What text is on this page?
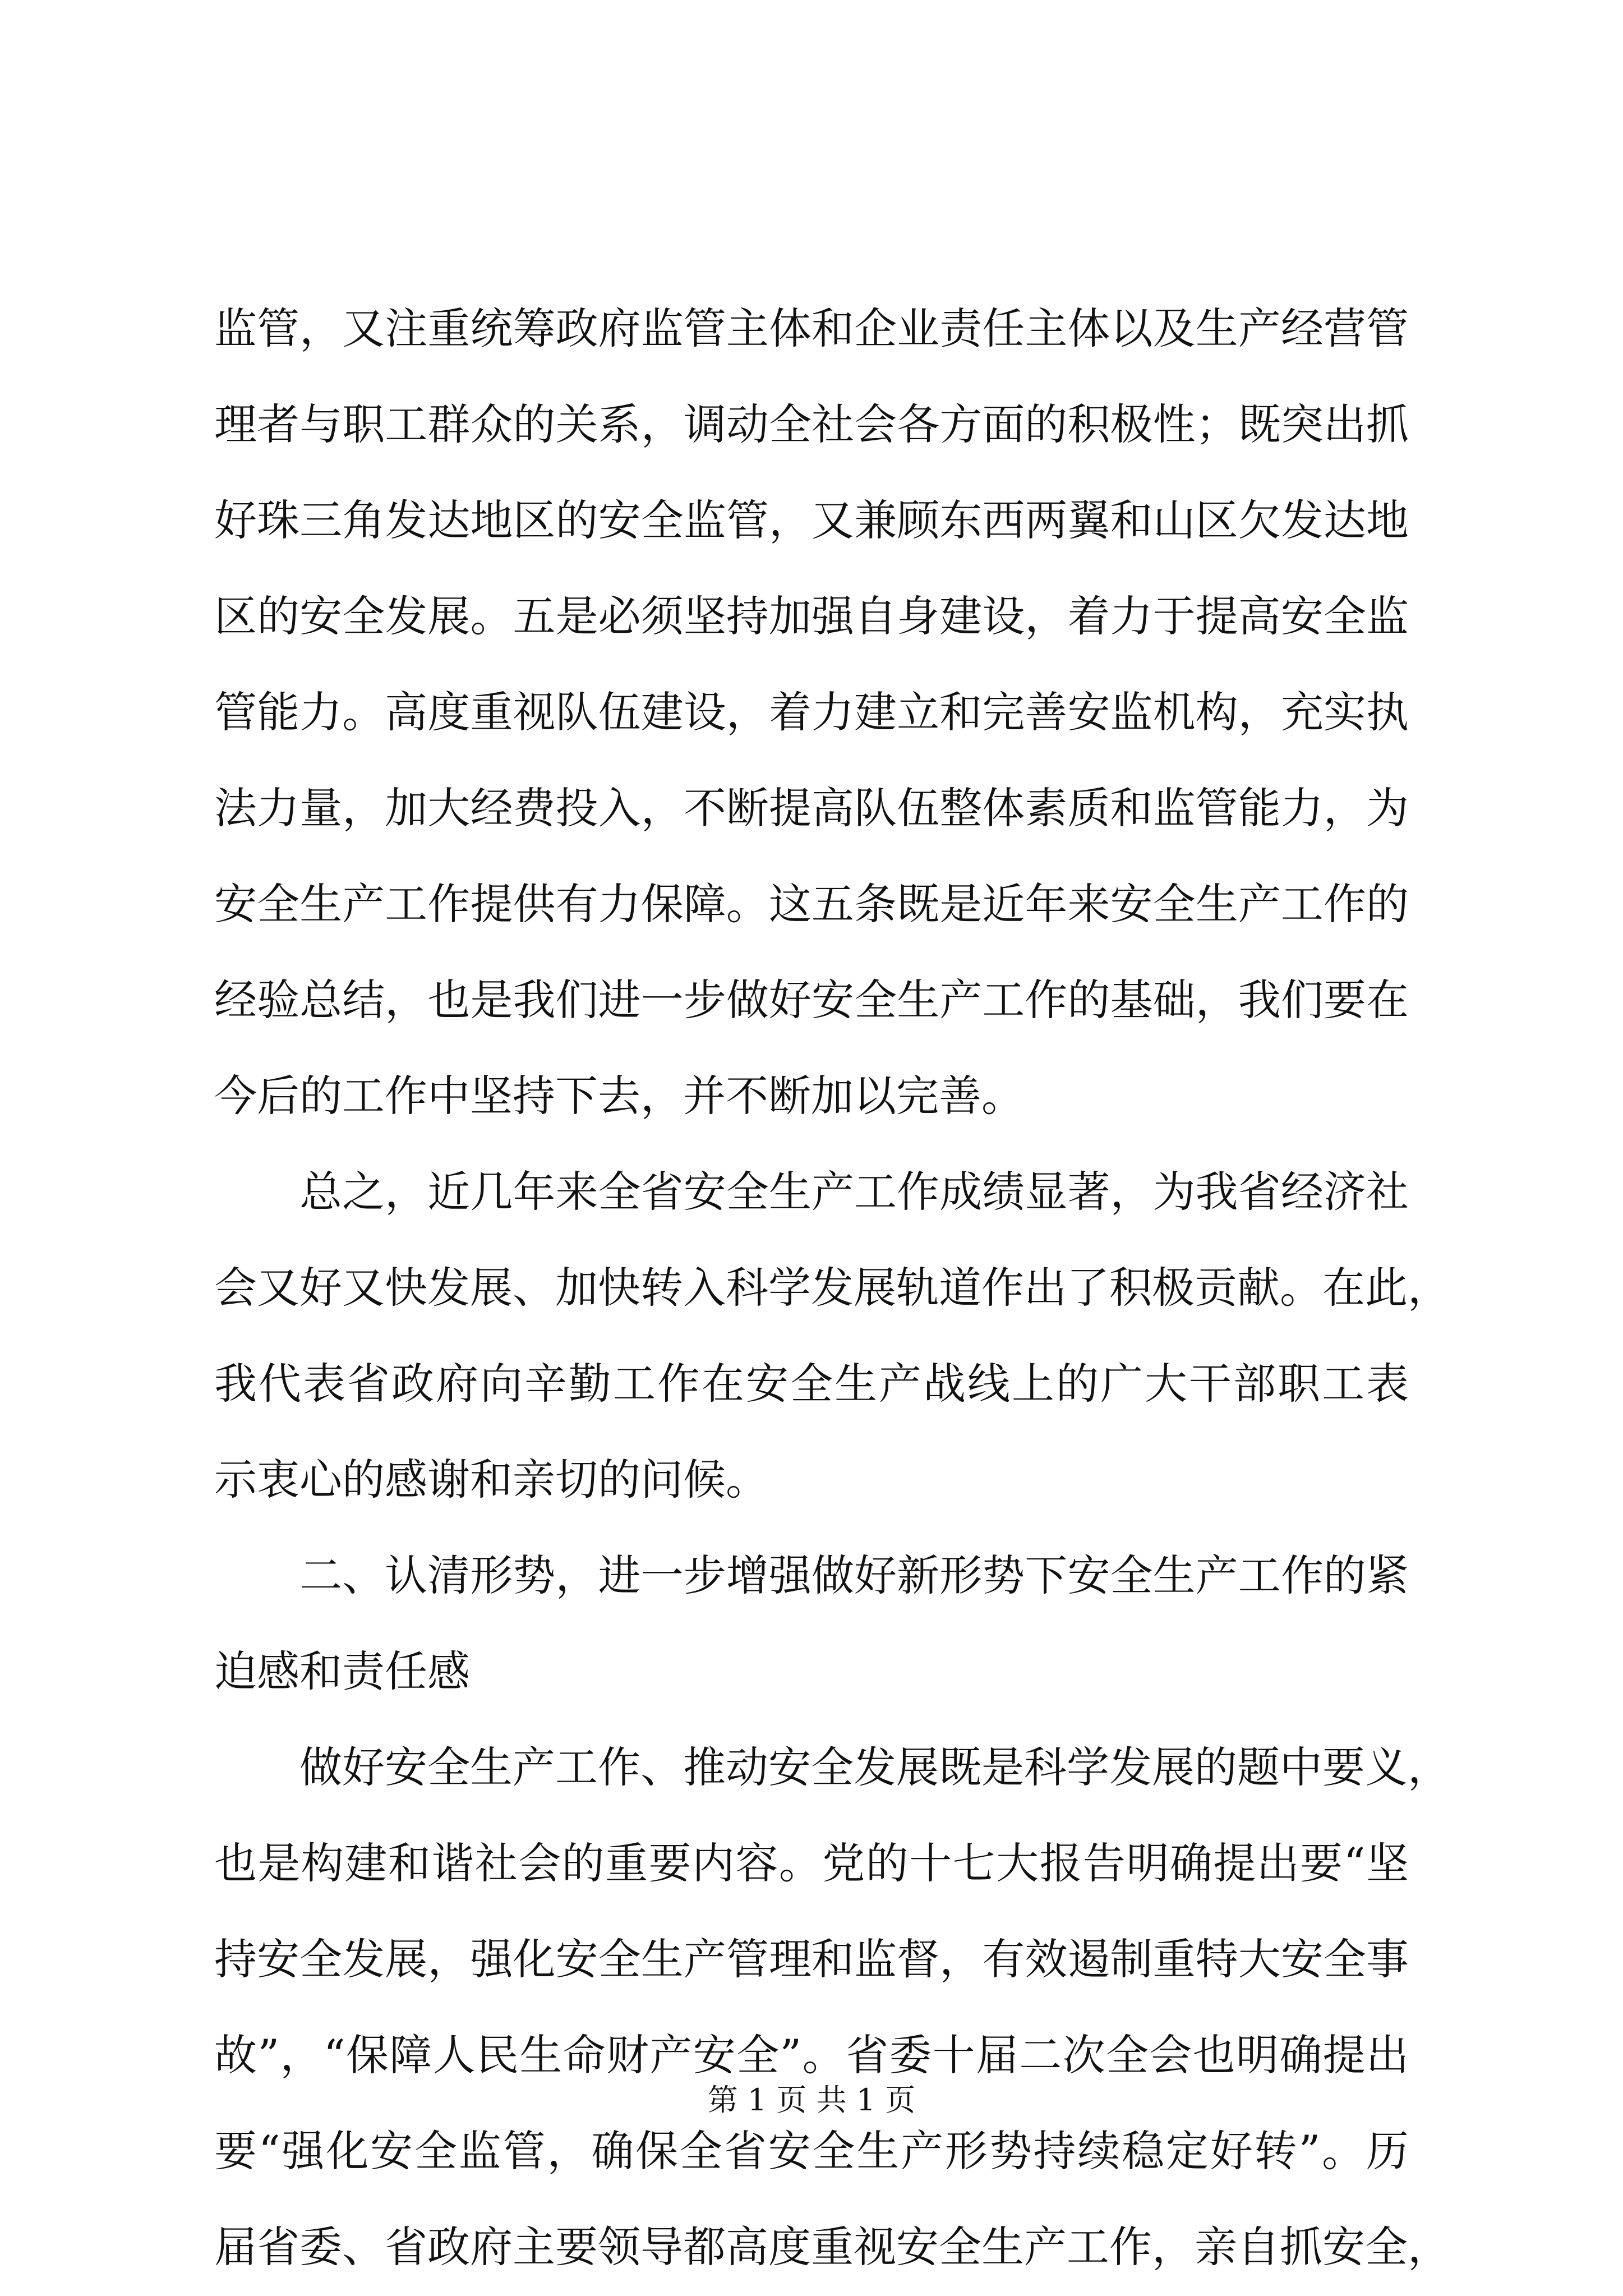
监管，又注重统筹政府监管主体和企业责任主体以及生产经营管
理者与职工群众的关系，调动全社会各方面的积极性；既突出抓
好珠三角发达地区的安全监管，又兼顾东西两翼和山区欠发达地
区的安全发展。五是必须坚持加强自身建设，着力于提高安全监
管能力。高度重视队伍建设，着力建立和完善安监机构，充实执
法力量，加大经费投入，不断提高队伍整体素质和监管能力，为
安全生产工作提供有力保障。这五条既是近年来安全生产工作的
经验总结，也是我们进一步做好安全生产工作的基础，我们要在
今后的工作中坚持下去，并不断加以完善。
总之，近几年来全省安全生产工作成绩显著，为我省经济社
会又好又快发展、加快转入科学发展轨道作出了积极贡献。在此，
我代表省政府向辛勤工作在安全生产战线上的广大干部职工表
示衷心的感谢和亲切的问候。
二、认清形势，进一步增强做好新形势下安全生产工作的紧
迫感和责任感
做好安全生产工作、推动安全发展既是科学发展的题中要义，
也是构建和谐社会的重要内容。党的十七大报告明确提出要“坚
持安全发展，强化安全生产管理和监督，有效遏制重特大安全事
故”，“保障人民生命财产安全”。省委十届二次全会也明确提出
要“强化安全监管，确保全省安全生产形势持续稳定好转”。历
届省委、省政府主要领导都高度重视安全生产工作，亲自抓安全，
第 1 页 共 1 页
